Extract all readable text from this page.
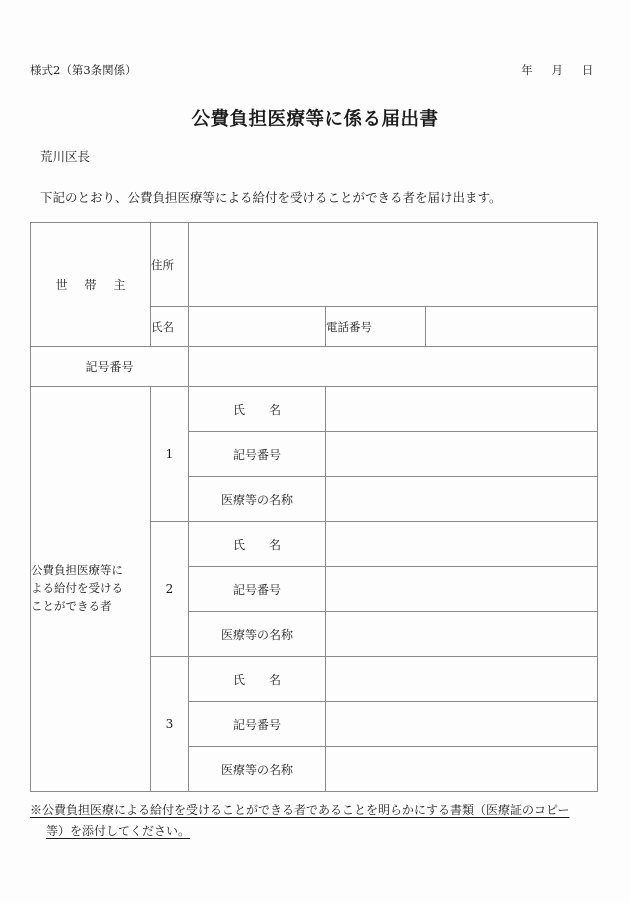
様式2（第3条関係）	年　月　日
公費負担医療等に係る届出書
荒川区長
下記のとおり、公費負担医療等による給付を受けることができる者を届け出ます。
世 帯 主	住所			
	氏名		電話番号	
記号番号				

公費負担医療等に
よる給付を受ける
ことができる者	1	氏　　名		
		記号番号		
		医療等の名称		
	2	氏　　名		
		記号番号		
		医療等の名称		
	3	氏　　名		
		記号番号		
		医療等の名称		
※公費負担医療による給付を受けることができる者であることを明らかにする書類（医療証のコピー
等）を添付してください。
